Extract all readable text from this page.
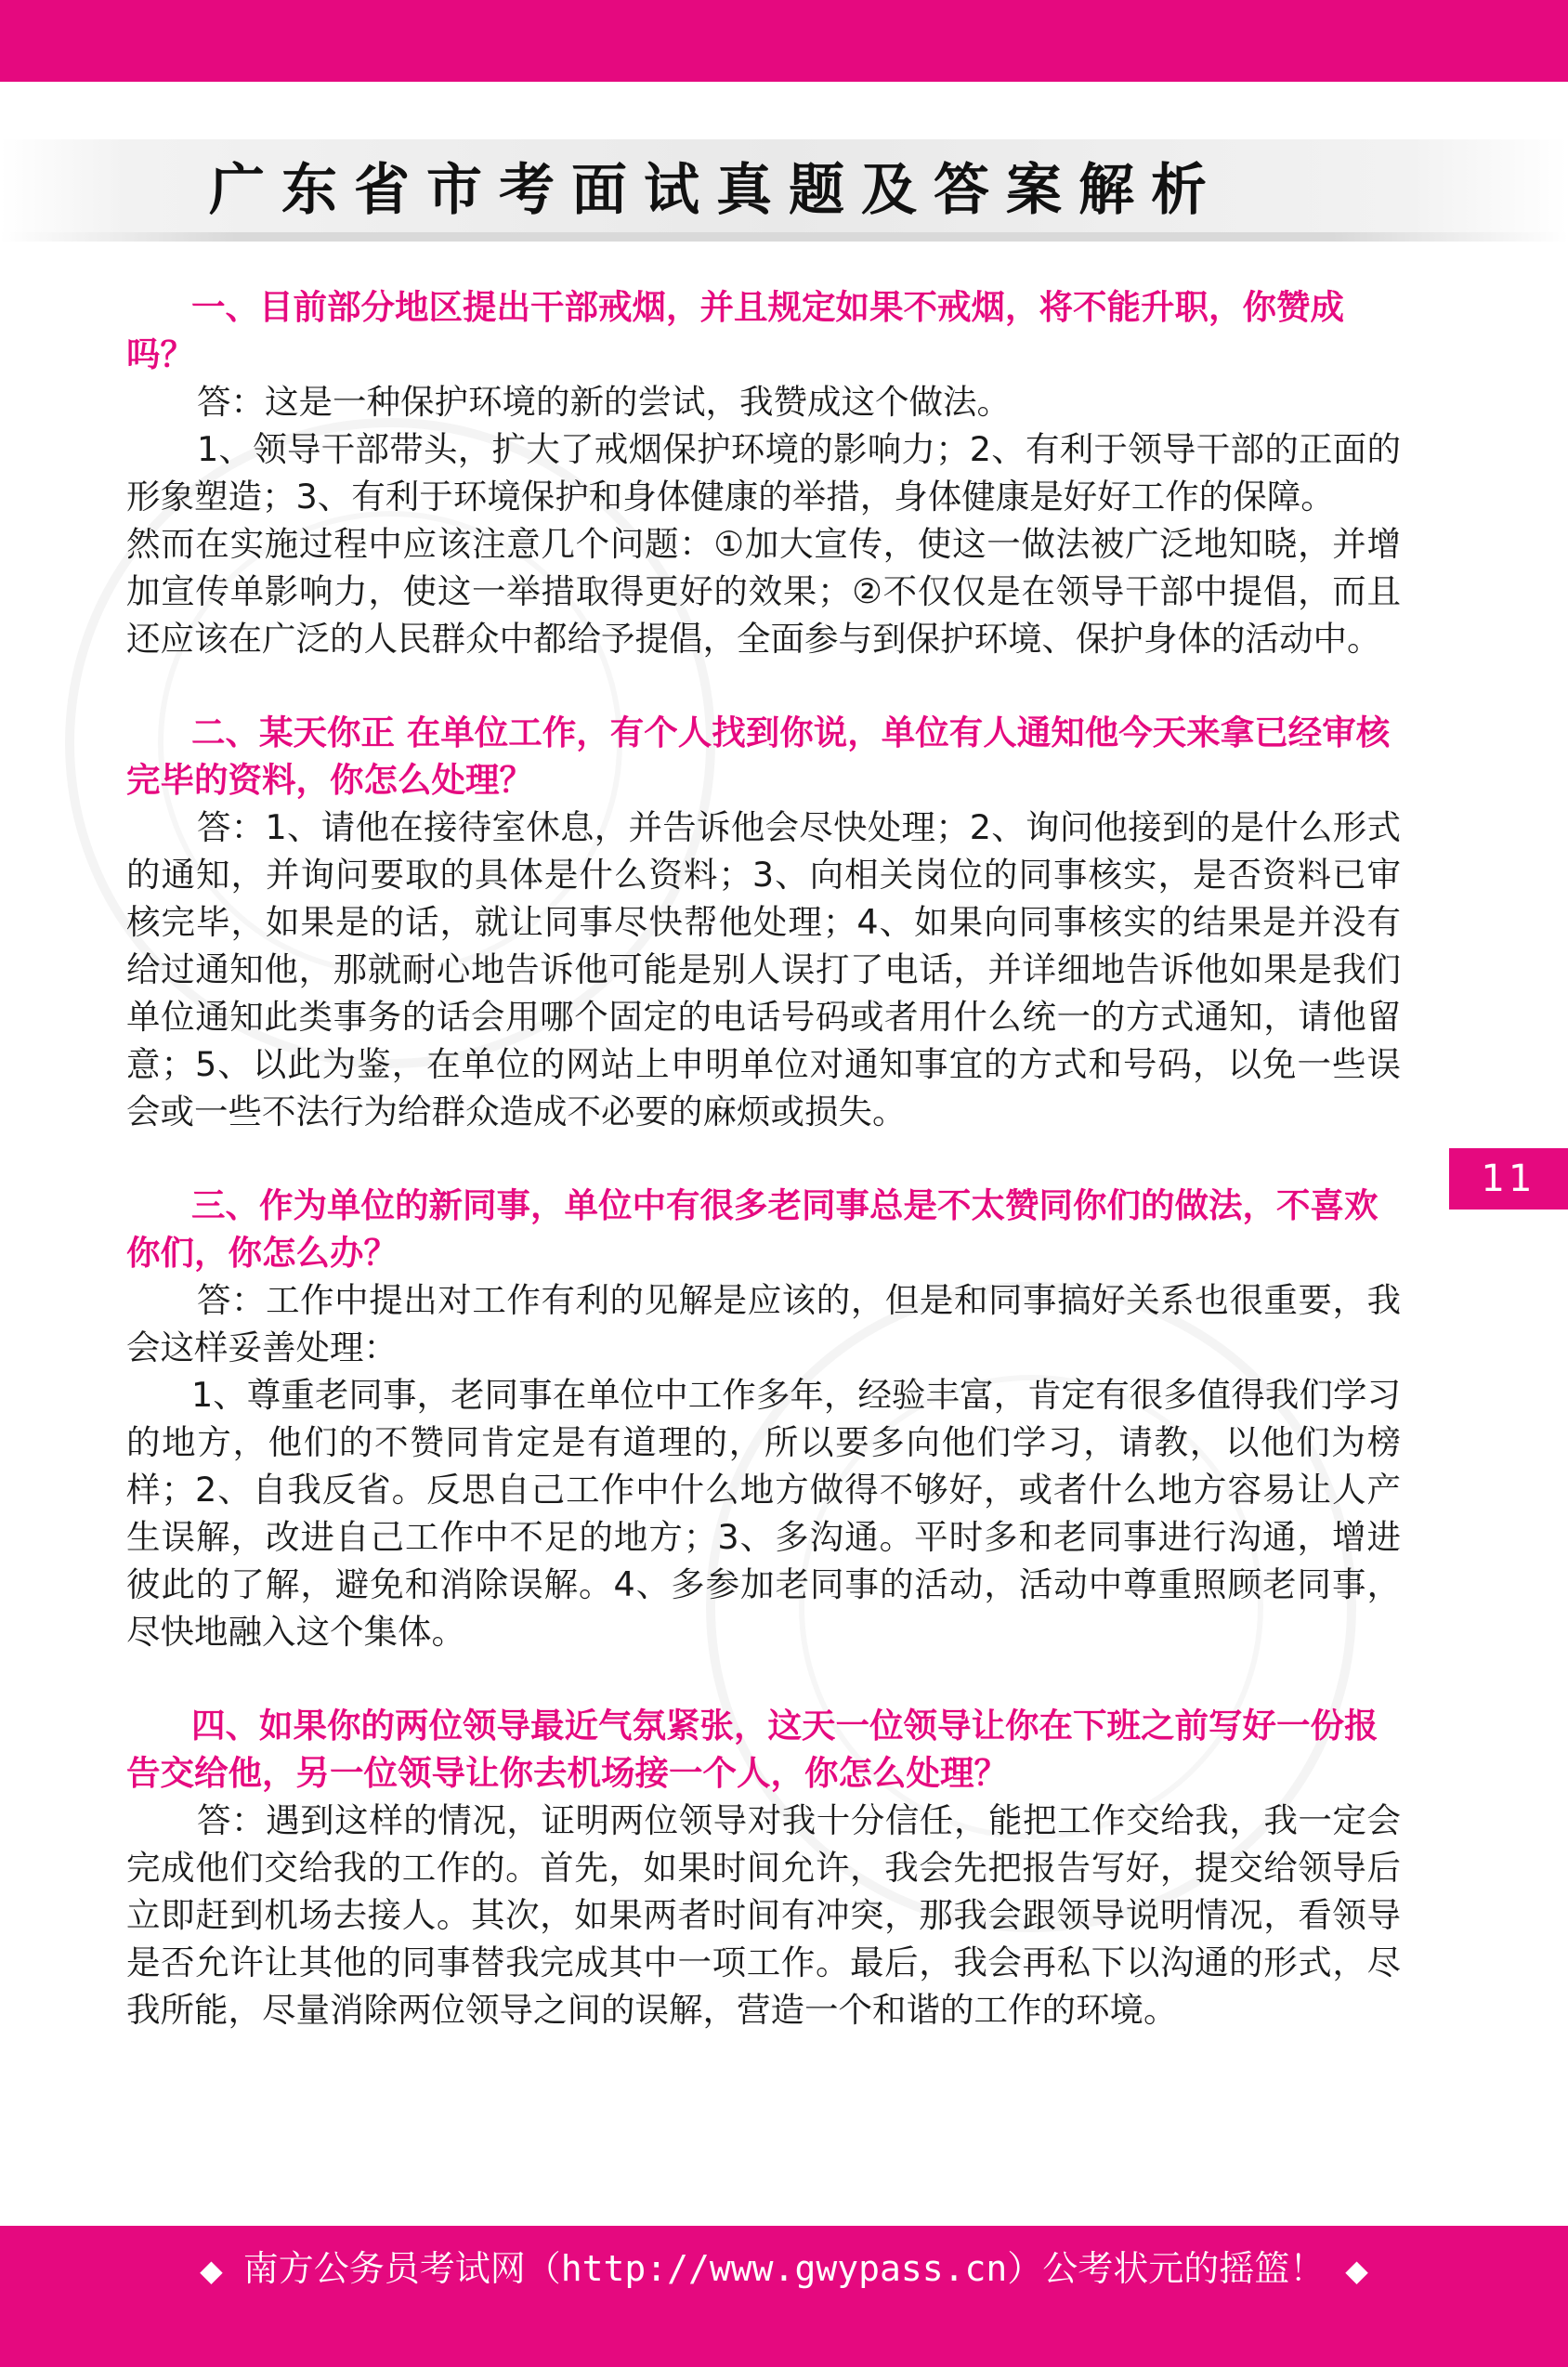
广东省市考面试真题及答案解析

一、目前部分地区提出干部戒烟，并且规定如果不戒烟，将不能升职，你赞成吗？

答：这是一种保护环境的新的尝试，我赞成这个做法。

1、领导干部带头，扩大了戒烟保护环境的影响力；2、有利于领导干部的正面的形象塑造；3、有利于环境保护和身体健康的举措，身体健康是好好工作的保障。

然而在实施过程中应该注意几个问题：①加大宣传，使这一做法被广泛地知晓，并增加宣传单影响力，使这一举措取得更好的效果；②不仅仅是在领导干部中提倡，而且还应该在广泛的人民群众中都给予提倡，全面参与到保护环境、保护身体的活动中。

二、某天你正 在单位工作，有个人找到你说，单位有人通知他今天来拿已经审核完毕的资料，你怎么处理？

答：1、请他在接待室休息，并告诉他会尽快处理；2、询问他接到的是什么形式的通知，并询问要取的具体是什么资料；3、向相关岗位的同事核实，是否资料已审核完毕，如果是的话，就让同事尽快帮他处理；4、如果向同事核实的结果是并没有给过通知他，那就耐心地告诉他可能是别人误打了电话，并详细地告诉他如果是我们单位通知此类事务的话会用哪个固定的电话号码或者用什么统一的方式通知，请他留意；5、以此为鉴，在单位的网站上申明单位对通知事宜的方式和号码，以免一些误会或一些不法行为给群众造成不必要的麻烦或损失。

三、作为单位的新同事，单位中有很多老同事总是不太赞同你们的做法，不喜欢你们，你怎么办？

答：工作中提出对工作有利的见解是应该的，但是和同事搞好关系也很重要，我会这样妥善处理：

1、尊重老同事，老同事在单位中工作多年，经验丰富，肯定有很多值得我们学习的地方，他们的不赞同肯定是有道理的，所以要多向他们学习，请教，以他们为榜样；2、自我反省。反思自己工作中什么地方做得不够好，或者什么地方容易让人产生误解，改进自己工作中不足的地方；3、多沟通。平时多和老同事进行沟通，增进彼此的了解，避免和消除误解。4、多参加老同事的活动，活动中尊重照顾老同事，尽快地融入这个集体。

四、如果你的两位领导最近气氛紧张，这天一位领导让你在下班之前写好一份报告交给他，另一位领导让你去机场接一个人，你怎么处理？

答：遇到这样的情况，证明两位领导对我十分信任，能把工作交给我，我一定会完成他们交给我的工作的。首先，如果时间允许，我会先把报告写好，提交给领导后立即赶到机场去接人。其次，如果两者时间有冲突，那我会跟领导说明情况，看领导是否允许让其他的同事替我完成其中一项工作。最后，我会再私下以沟通的形式，尽我所能，尽量消除两位领导之间的误解，营造一个和谐的工作的环境。

11
◆ 南方公务员考试网（http://www.gwypass.cn）公考状元的摇篮！ ◆
